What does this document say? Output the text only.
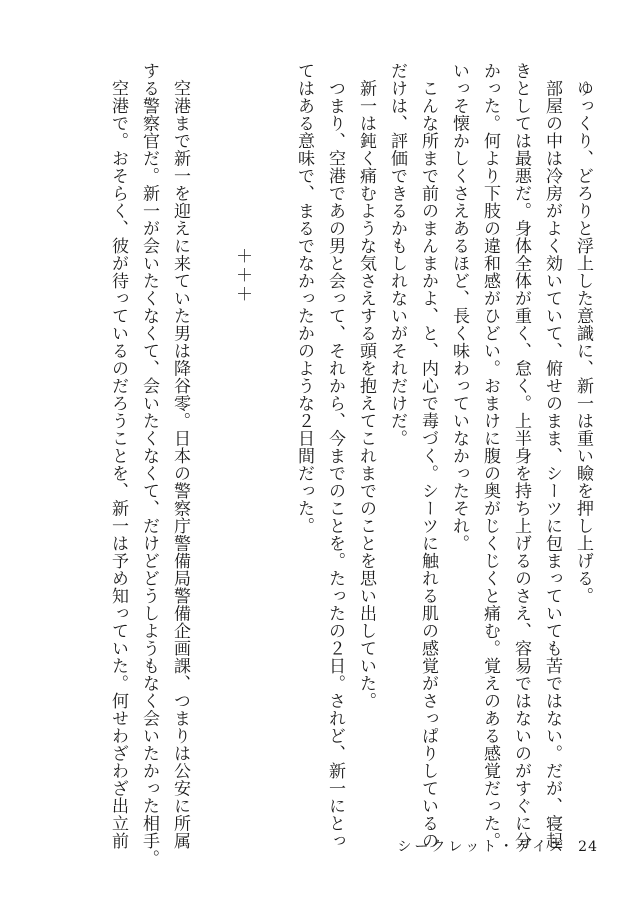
　ゆっくり、どろりと浮上した意識に、新一は重い瞼を押し上げる。
　部屋の中は冷房がよく効いていて、俯せのまま、シーツに包まっていても苦ではない。だが、寝起
きとしては最悪だ。身体全体が重く、怠く。上半身を持ち上げるのさえ、容易ではないのがすぐに分
かった。何より下肢の違和感がひどい。おまけに腹の奥がじくじくと痛む。覚えのある感覚だった。
いっそ懐かしくさえあるほど、長く味わっていなかったそれ。
　こんな所まで前のまんまかよ、と、内心で毒づく。シーツに触れる肌の感覚がさっぱりしているの
だけは、評価できるかもしれないがそれだけだ。
　新一は鈍く痛むような気さえする頭を抱えてこれまでのことを思い出していた。
　つまり、空港であの男と会って、それから、今までのことを。たったの２日。されど、新一にとっ
てはある意味で、まるでなかったかのような２日間だった。
＋＋＋
　空港まで新一を迎えに来ていた男は降谷零。日本の警察庁警備局警備企画課、つまりは公安に所属
する警察官だ。新一が会いたくなくて、会いたくなくて、だけどどうしようもなく会いたかった相手。
　空港で。おそらく、彼が待っているのだろうことを、新一は予め知っていた。何せわざわざ出立前	シークレット・デイズ 24
